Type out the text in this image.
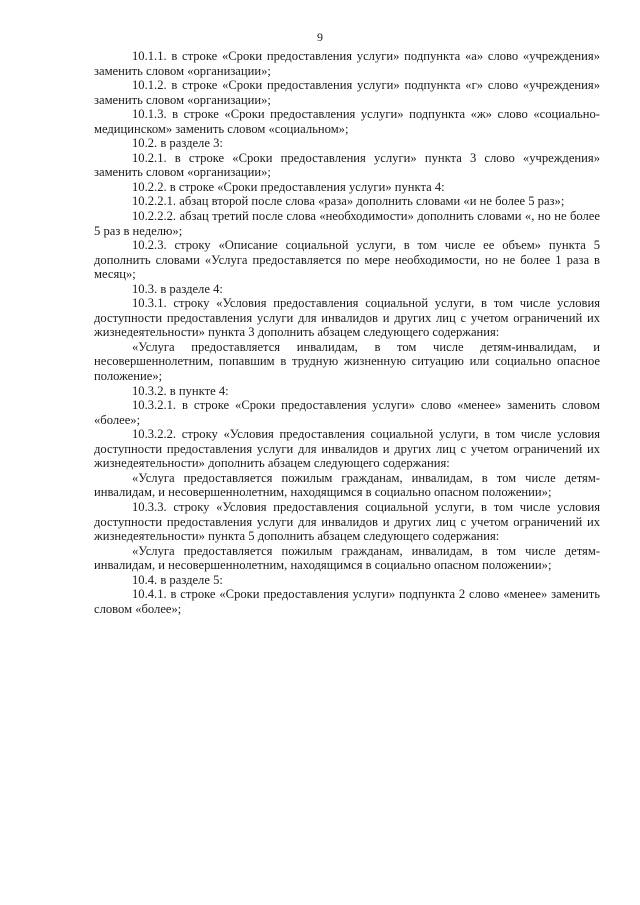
9

10.1.1. в строке «Сроки предоставления услуги» подпункта «а» слово «учреждения» заменить словом «организации»;

10.1.2. в строке «Сроки предоставления услуги» подпункта «г» слово «учреждения» заменить словом «организации»;

10.1.3. в строке «Сроки предоставления услуги» подпункта «ж» слово «социально-медицинском» заменить словом «социальном»;

10.2. в разделе 3:

10.2.1. в строке «Сроки предоставления услуги» пункта 3 слово «учреждения» заменить словом «организации»;

10.2.2. в строке «Сроки предоставления услуги» пункта 4:

10.2.2.1. абзац второй после слова «раза» дополнить словами «и не более 5 раз»;

10.2.2.2. абзац третий после слова «необходимости» дополнить словами «, но не более 5 раз в неделю»;

10.2.3. строку «Описание социальной услуги, в том числе ее объем» пункта 5 дополнить словами «Услуга предоставляется по мере необходимости, но не более 1 раза в месяц»;

10.3. в разделе 4:

10.3.1. строку «Условия предоставления социальной услуги, в том числе условия доступности предоставления услуги для инвалидов и других лиц с учетом ограничений их жизнедеятельности» пункта 3 дополнить абзацем следующего содержания:

«Услуга предоставляется инвалидам, в том числе детям-инвалидам, и несовершеннолетним, попавшим в трудную жизненную ситуацию или социально опасное положение»;

10.3.2. в пункте 4:

10.3.2.1. в строке «Сроки предоставления услуги» слово «менее» заменить словом «более»;

10.3.2.2. строку «Условия предоставления социальной услуги, в том числе условия доступности предоставления услуги для инвалидов и других лиц с учетом ограничений их жизнедеятельности» дополнить абзацем следующего содержания:

«Услуга предоставляется пожилым гражданам, инвалидам, в том числе детям-инвалидам, и несовершеннолетним, находящимся в социально опасном положении»;

10.3.3. строку «Условия предоставления социальной услуги, в том числе условия доступности предоставления услуги для инвалидов и других лиц с учетом ограничений их жизнедеятельности» пункта 5 дополнить абзацем следующего содержания:

«Услуга предоставляется пожилым гражданам, инвалидам, в том числе детям-инвалидам, и несовершеннолетним, находящимся в социально опасном положении»;

10.4. в разделе 5:

10.4.1. в строке «Сроки предоставления услуги» подпункта 2 слово «менее» заменить словом «более»;
